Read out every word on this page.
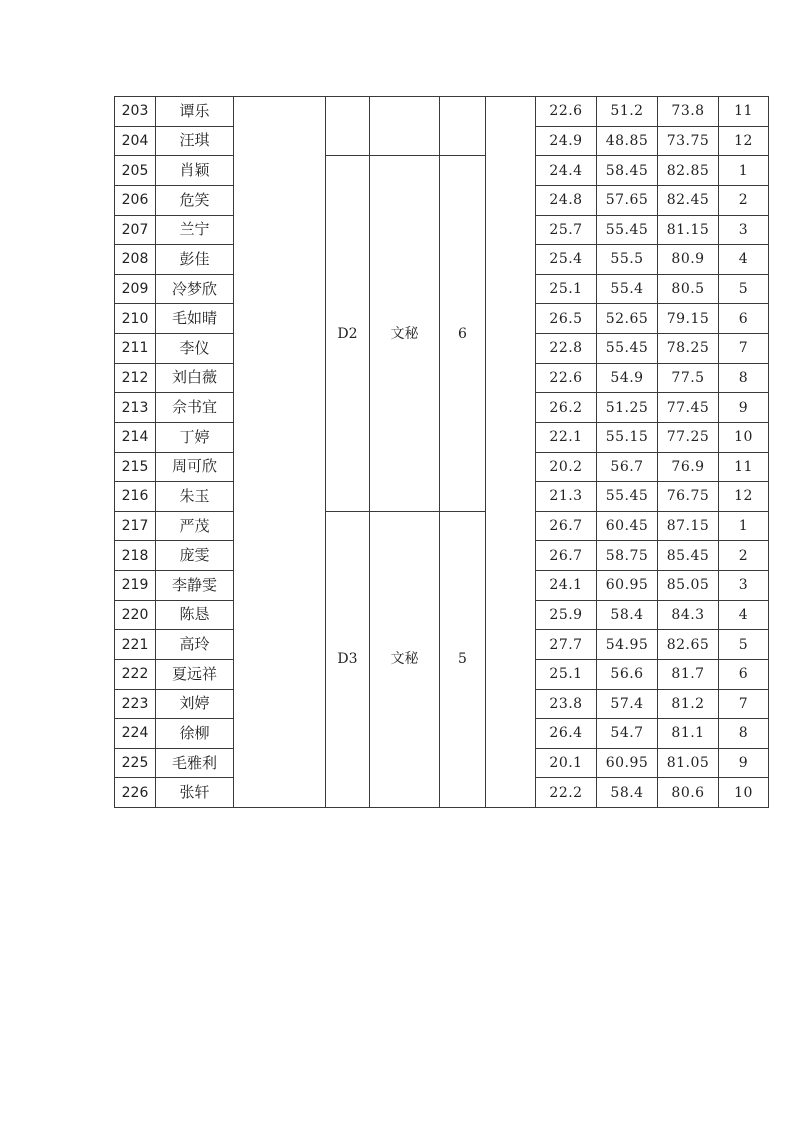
203	谭乐						22.6	51.2	73.8	11
204	汪琪						24.9	48.85	73.75	12
205	肖颖		D2	文秘	6		24.4	58.45	82.85	1
206	危笑						24.8	57.65	82.45	2
207	兰宁						25.7	55.45	81.15	3
208	彭佳						25.4	55.5	80.9	4
209	冷梦欣						25.1	55.4	80.5	5
210	毛如晴						26.5	52.65	79.15	6
211	李仪						22.8	55.45	78.25	7
212	刘白薇						22.6	54.9	77.5	8
213	佘书宜						26.2	51.25	77.45	9
214	丁婷						22.1	55.15	77.25	10
215	周可欣						20.2	56.7	76.9	11
216	朱玉						21.3	55.45	76.75	12
217	严茂		D3	文秘	5		26.7	60.45	87.15	1
218	庞雯						26.7	58.75	85.45	2
219	李静雯						24.1	60.95	85.05	3
220	陈恳						25.9	58.4	84.3	4
221	高玲						27.7	54.95	82.65	5
222	夏远祥						25.1	56.6	81.7	6
223	刘婷						23.8	57.4	81.2	7
224	徐柳						26.4	54.7	81.1	8
225	毛雅利						20.1	60.95	81.05	9
226	张轩						22.2	58.4	80.6	10
